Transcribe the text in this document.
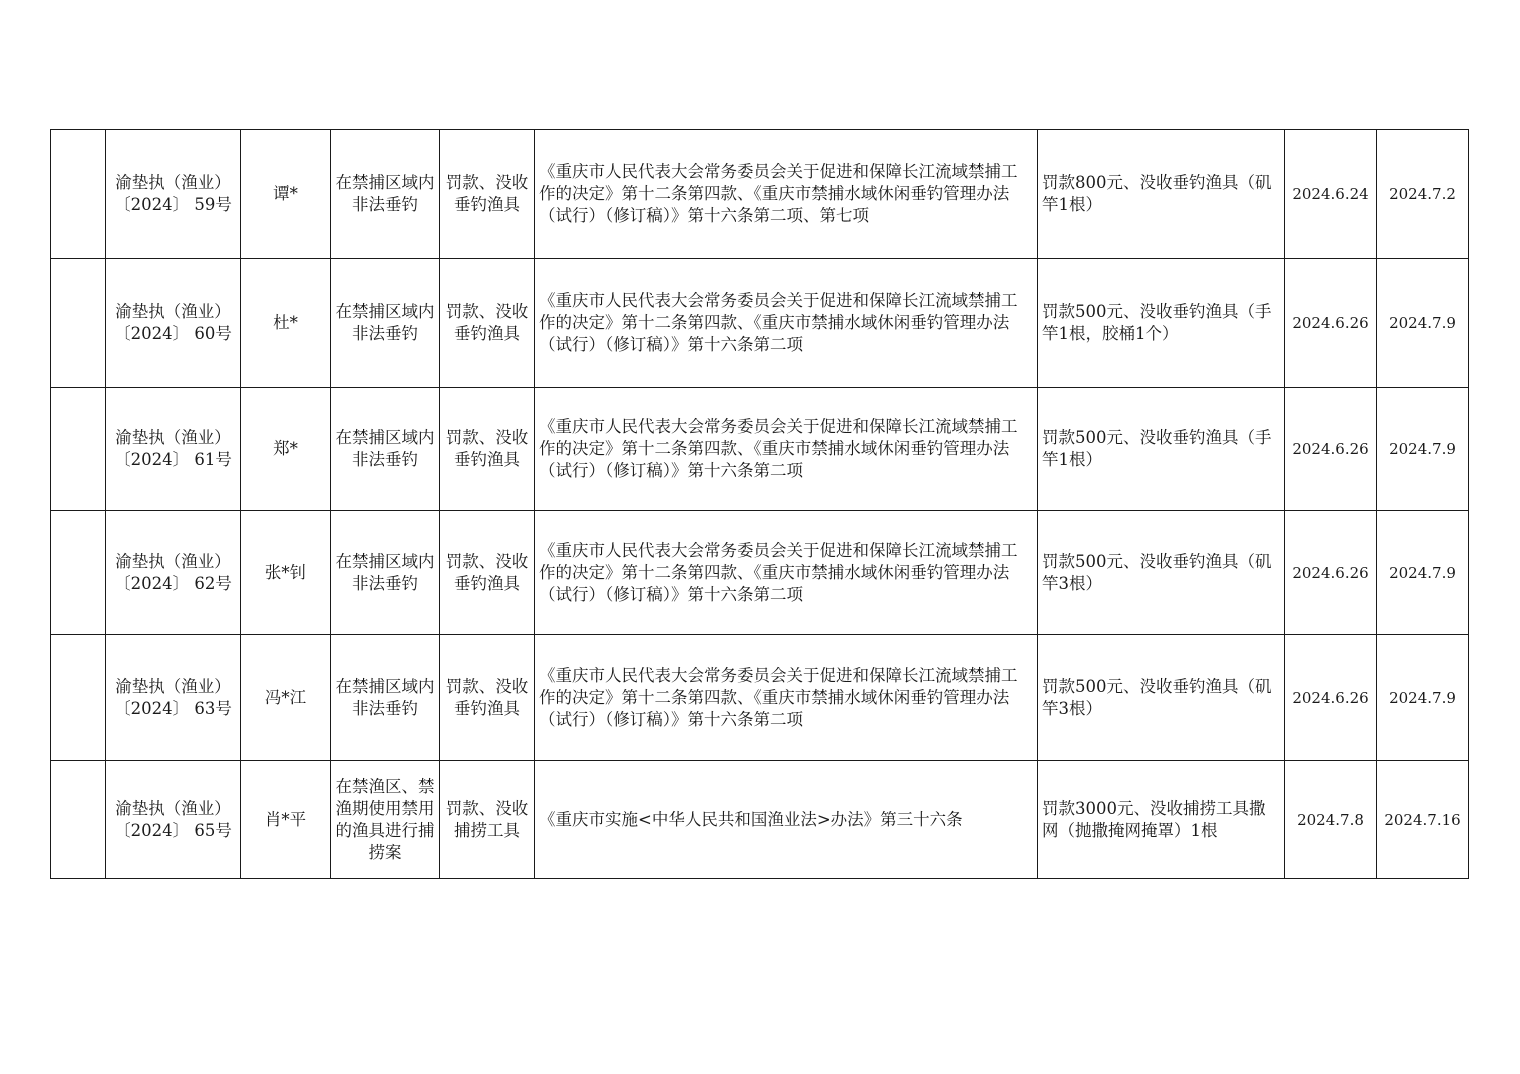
	渝垫执（渔业）
〔2024〕 59号	谭*	在禁捕区域内非法垂钓	罚款、没收垂钓渔具	《重庆市人民代表大会常务委员会关于促进和保障长江流域禁捕工作的决定》第十二条第四款、《重庆市禁捕水域休闲垂钓管理办法（试行）（修订稿）》第十六条第二项、第七项	罚款800元、没收垂钓渔具（矶竿1根）	2024.6.24	2024.7.2

	渝垫执（渔业）
〔2024〕 60号	杜*	在禁捕区域内非法垂钓	罚款、没收垂钓渔具	《重庆市人民代表大会常务委员会关于促进和保障长江流域禁捕工作的决定》第十二条第四款、《重庆市禁捕水域休闲垂钓管理办法（试行）（修订稿）》第十六条第二项	罚款500元、没收垂钓渔具（手竿1根，胶桶1个）	2024.6.26	2024.7.9

	渝垫执（渔业）
〔2024〕 61号	郑*	在禁捕区域内非法垂钓	罚款、没收垂钓渔具	《重庆市人民代表大会常务委员会关于促进和保障长江流域禁捕工作的决定》第十二条第四款、《重庆市禁捕水域休闲垂钓管理办法（试行）（修订稿）》第十六条第二项	罚款500元、没收垂钓渔具（手竿1根）	2024.6.26	2024.7.9

	渝垫执（渔业）
〔2024〕 62号	张*钊	在禁捕区域内非法垂钓	罚款、没收垂钓渔具	《重庆市人民代表大会常务委员会关于促进和保障长江流域禁捕工作的决定》第十二条第四款、《重庆市禁捕水域休闲垂钓管理办法（试行）（修订稿）》第十六条第二项	罚款500元、没收垂钓渔具（矶竿3根）	2024.6.26	2024.7.9

	渝垫执（渔业）
〔2024〕 63号	冯*江	在禁捕区域内非法垂钓	罚款、没收垂钓渔具	《重庆市人民代表大会常务委员会关于促进和保障长江流域禁捕工作的决定》第十二条第四款、《重庆市禁捕水域休闲垂钓管理办法（试行）（修订稿）》第十六条第二项	罚款500元、没收垂钓渔具（矶竿3根）	2024.6.26	2024.7.9

	渝垫执（渔业）
〔2024〕 65号	肖*平	在禁渔区、禁渔期使用禁用的渔具进行捕捞案	罚款、没收捕捞工具	《重庆市实施<中华人民共和国渔业法>办法》第三十六条	罚款3000元、没收捕捞工具撒网（抛撒掩网掩罩）1根	2024.7.8	2024.7.16
